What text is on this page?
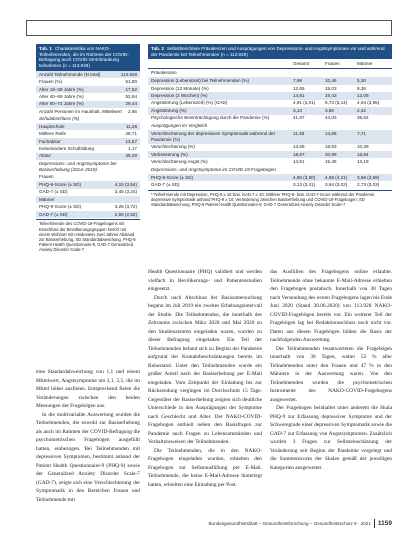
Tab. 1 Charakteristika von NAKO-Teilnehmenden, die im Rahmen der COVID-Befragung auch COVID-19-Erkrankung teilnahmen (n = 113.928)
Anzahl Teilnehmende (N total)	113.928
Frauen (%)	51,80
Alter 19–39 Jahre (%)	17,62
Alter 40–59 Jahre (%)	52,94
Alter 60–74 Jahre (%)	29,44
Anzahl Personen im Haushalt, Mittelwert 2,66
Schulabschluss (%)
Hauptschule	11,26
Mittlere Reife	28,71
Fachabitur	13,57
Keine/andere Schulbildung	1,17
Abitur	45,29
Depressions- und Angstsymptome bei Basiserhebung (2014–2019)
Frauen
PHQ-9-Score (± SD)	4,15 (3,64)
GAD-7 (± SD)	3,45 (3,24)
Männer
PHQ-9-Score (± SD)	3,25 (3,72)
GAD-7 (± SD)	2,59 (2,82)
Teilnehmende des COVID-19-Fragebogens mit Einschluss der Bevölkerungsgruppen NAKO mit einem Wohnort mit mindestens zwei Jahren Abstand zur Basiserhebung, SD Standardabweichung, PHQ-9 Patient Health Questionnaire-9, GAD-7 Generalized Anxiety Disorder Scale-7
Tab. 2 Selbstberichtete Prävalenzen und Ausprägungen von Depressions- und Angstsymptomen vor und während der Pandemie bei Teilnehmenden (n = 113.928)
Gesamt	Frauen	Männer
Prävalenzen
Depression (Lebenszeit) bei Teilnehmenden (%)	7,98	10,46	5,30
Depression (12 Monate) (%)	12,65	15,03	9,36
Depression (2 Wochen) (%)	14,81	16,43	13,09
Angststörung (Lebenszeit) (%) (GAD)	4,91 (4,01)	5,73 (5,14)	4,04 (3,95)
Angststörung (%)	3,13	3,80	2,42
Psychologische Beeinträchtigung durch die Pandemie (%)	41,97	44,03	39,82
Ausprägungen im Vergleich
Verschlechterung der depressiven Symptomatik während der Pandemie (%)
11,38	14,88	7,71
Verschlechterung (%)	13,66	18,93	10,39
Verbesserung (%)	18,87	20,99	16,84
Verschlechterung Angst (%)	14,51	15,46	13,19
Depressions- und Angstsymptome im COVID-19-Fragebogen
PHQ-9-Score (± SD)	4,60 (3,60)	4,59 (4,21)	3,59 (3,69)
GAD-7 (± SD)	3,13 (3,41)	3,64 (3,02)	2,73 (3,03)
* Teilnehmende mit Depression, PHQ-9 ≥ 10 bzw. GAD-7 ≥ 10; mittlerer PHQ-9- bzw. GAD-7-Score während der Pandemie; depressive Symptomatik anhand PHQ-9 ≥ 10; Veränderung zwischen Basiserhebung und COVID-19-Fragebogen; SD Standardabweichung; PHQ-9 Patient Health Questionnaire-9; GAD-7 Generalized Anxiety Disorder Scale-7

eine Standardabweichung von 1,1 und einem Mittelwert, Angstsymptome um 2,1, 2,5, die im Mittel höher ausfielen. Entsprechend fielen die Veränderungen zwischen den beiden Messungen der Fragebögen aus.

In die multivariable Auswertung wurden die Teilnehmenden, die sowohl zur Basiserhebung als auch im Rahmen der COVID-Befragung die psychometrischen Fragebögen ausgefüllt hatten, einbezogen. Bei Teilnehmenden mit depressiven Symptomen, bestimmt anhand der Patient Health Questionnaire-9 (PHQ-9) sowie der Generalized Anxiety Disorder Scale-7 (GAD-7), zeigte sich eine Verschlechterung der Symptomatik in den Bereichen Frauen und Teilnehmende mit

Health Questionnaire (PHQ) validiert und werden vielfach in Bevölkerungs- und Patientenstudien eingesetzt.

Durch nach Abschluss der Basisuntersuchung begann im Juli 2019 ein zweites Erhebungsintervall der Studie. Die Teilnehmenden, die innerhalb des Zeitraums zwischen März 2020 und Mai 2020 zu den Studienzentren eingeladen waren, wurden zu dieser Befragung eingeladen. Ein Teil der Teilnehmenden befand sich zu Beginn der Pandemie aufgrund der Kontaktbeschränkungen bereits im Ruhestand. Unter den Teilnehmenden wurde ein großer Anteil nach der Basiserhebung per E-Mail eingeladen. Vom Zeitpunkt der Einladung bis zur Rücksendung vergingen im Durchschnitt 15 Tage. Gegenüber der Basiserhebung zeigten sich deutliche Unterschiede in den Ausprägungen der Symptome nach Geschlecht und Alter. Der NAKO-COVID-Fragebogen enthielt neben den Basisfragen zur Pandemie auch Fragen zu Lebensumständen und Verhaltensweisen der Teilnehmenden.

Die Teilnehmenden, die in den NAKO-Fragebogen eingeladen wurden, erhielten den Fragebogen zur Selbstausfüllung per E-Mail. Teilnehmende, die keine E-Mail-Adresse hinterlegt hatten, erhielten eine Einladung per Post.

das Ausfüllen des Fragebogens online erlaubte. Teilnehmende ohne bekannte E-Mail-Adresse erhielten den Fragebogen postalisch. Innerhalb von 30 Tagen nach Versendung des ersten Fragebogens lagen bis Ende Juni 2020 (Stand 30.06.2020) von 113.928 NAKO-COVID-Fragebögen bereits vor. Ein weiterer Teil der Fragebögen lag bei Redaktionsschluss noch nicht vor. Daten aus diesen Fragebögen bilden die Basis der nachfolgenden Auswertung.

Die Teilnehmenden beantworteten die Fragebögen innerhalb von 30 Tagen, wobei 52 % aller Teilnehmenden unter den Frauen und 47 % in den Männern in der Auswertung waren. Von den Teilnehmenden wurden die psychometrischen Instrumente des NAKO-COVID-Fragebogens ausgewertet.

Der Fragebogen beinhaltet unter anderem die Skala PHQ-9 zur Erfassung depressiver Symptome und der Schweregrade einer depressiven Symptomatik sowie die GAD-7 zur Erfassung von Angstsymptomen. Zusätzlich wurden 3 Fragen zur Selbsteinschätzung der Veränderung seit Beginn der Pandemie vorgelegt und die Summenscores der Skalen gemäß der jeweiligen Kategorien ausgewertet.

Bundesgesundheitsblatt – Gesundheitsforschung – Gesundheitsschutz 9 · 2021 1159
